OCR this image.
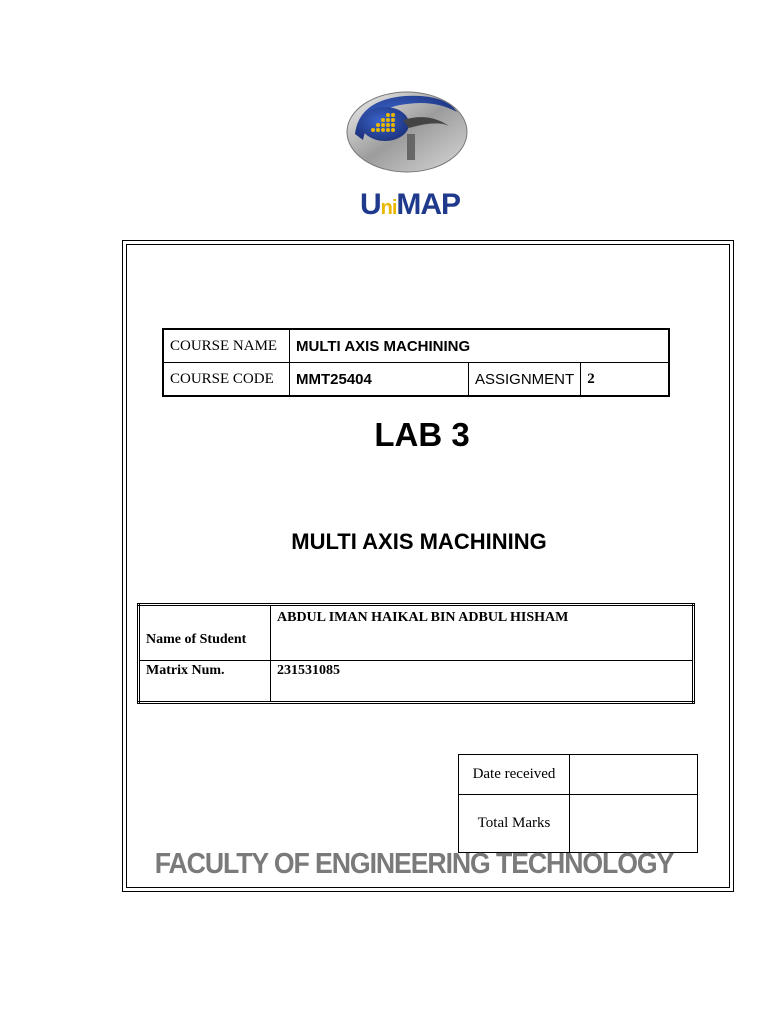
UniMAP
COURSE NAME	MULTI AXIS MACHINING		
COURSE CODE	MMT25404	ASSIGNMENT	2
LAB 3
MULTI AXIS MACHINING
Name of Student	ABDUL IMAN HAIKAL BIN ADBUL HISHAM
Matrix Num.	231531085
Date received	
Total Marks	
FACULTY OF ENGINEERING TECHNOLOGY
